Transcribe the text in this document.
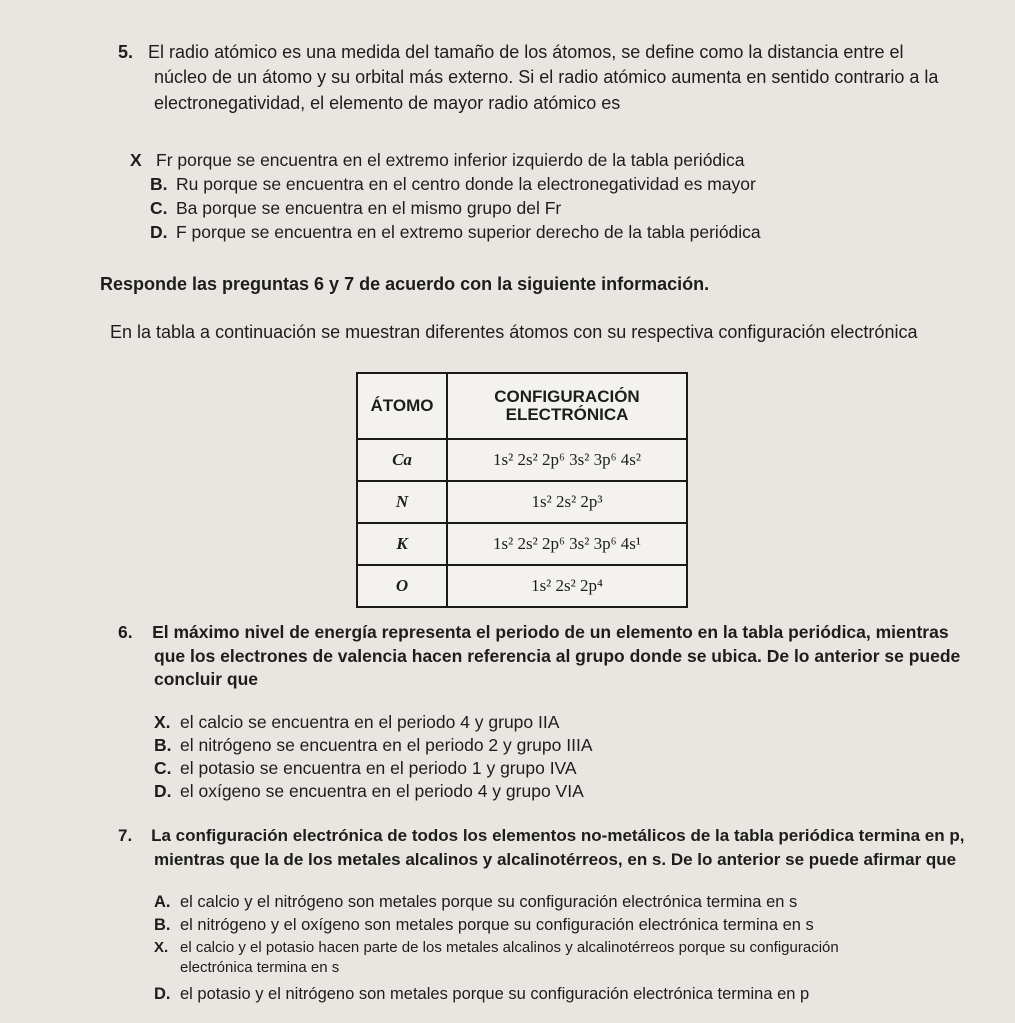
5. El radio atómico es una medida del tamaño de los átomos, se define como la distancia entre el
núcleo de un átomo y su orbital más externo. Si el radio atómico aumenta en sentido contrario a la
electronegatividad, el elemento de mayor radio atómico es
X Fr porque se encuentra en el extremo inferior izquierdo de la tabla periódica
B. Ru porque se encuentra en el centro donde la electronegatividad es mayor
C. Ba porque se encuentra en el mismo grupo del Fr
D. F porque se encuentra en el extremo superior derecho de la tabla periódica
Responde las preguntas 6 y 7 de acuerdo con la siguiente información.
En la tabla a continuación se muestran diferentes átomos con su respectiva configuración electrónica
ÁTOMO	CONFIGURACIÓN
ELECTRÓNICA
Ca	1s² 2s² 2p⁶ 3s² 3p⁶ 4s²
N	1s² 2s² 2p³
K	1s² 2s² 2p⁶ 3s² 3p⁶ 4s¹
O	1s² 2s² 2p⁴
6. El máximo nivel de energía representa el periodo de un elemento en la tabla periódica, mientras
que los electrones de valencia hacen referencia al grupo donde se ubica. De lo anterior se puede
concluir que
X. el calcio se encuentra en el periodo 4 y grupo IIA
B. el nitrógeno se encuentra en el periodo 2 y grupo IIIA
C. el potasio se encuentra en el periodo 1 y grupo IVA
D. el oxígeno se encuentra en el periodo 4 y grupo VIA
7. La configuración electrónica de todos los elementos no-metálicos de la tabla periódica termina en p,
mientras que la de los metales alcalinos y alcalinotérreos, en s. De lo anterior se puede afirmar que
A. el calcio y el nitrógeno son metales porque su configuración electrónica termina en s
B. el nitrógeno y el oxígeno son metales porque su configuración electrónica termina en s
X. el calcio y el potasio hacen parte de los metales alcalinos y alcalinotérreos porque su configuración
electrónica termina en s
D. el potasio y el nitrógeno son metales porque su configuración electrónica termina en p
